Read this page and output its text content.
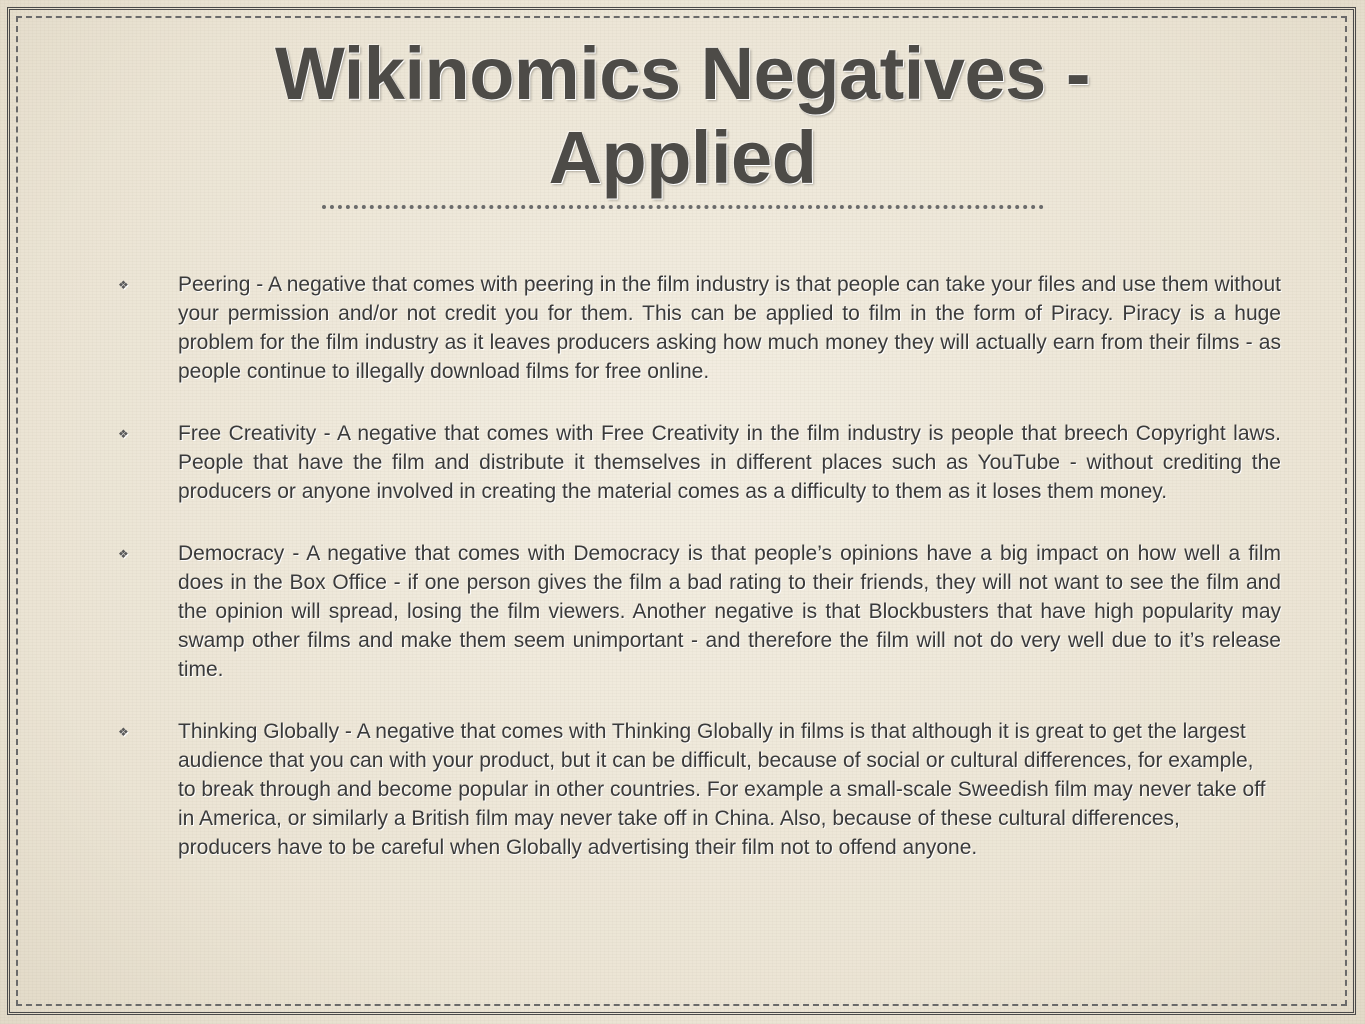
Wikinomics Negatives - Applied
❖ Peering - A negative that comes with peering in the film industry is that people can take your files and use them without your permission and/or not credit you for them. This can be applied to film in the form of Piracy. Piracy is a huge problem for the film industry as it leaves producers asking how much money they will actually earn from their films - as people continue to illegally download films for free online.
❖ Free Creativity - A negative that comes with Free Creativity in the film industry is people that breech Copyright laws. People that have the film and distribute it themselves in different places such as YouTube - without crediting the producers or anyone involved in creating the material comes as a difficulty to them as it loses them money.
❖ Democracy - A negative that comes with Democracy is that people’s opinions have a big impact on how well a film does in the Box Office - if one person gives the film a bad rating to their friends, they will not want to see the film and the opinion will spread, losing the film viewers. Another negative is that Blockbusters that have high popularity may swamp other films and make them seem unimportant - and therefore the film will not do very well due to it’s release time.
❖ Thinking Globally - A negative that comes with Thinking Globally in films is that although it is great to get the largest audience that you can with your product, but it can be difficult, because of social or cultural differences, for example, to break through and become popular in other countries. For example a small-scale Sweedish film may never take off in America, or similarly a British film may never take off in China. Also, because of these cultural differences, producers have to be careful when Globally advertising their film not to offend anyone.
